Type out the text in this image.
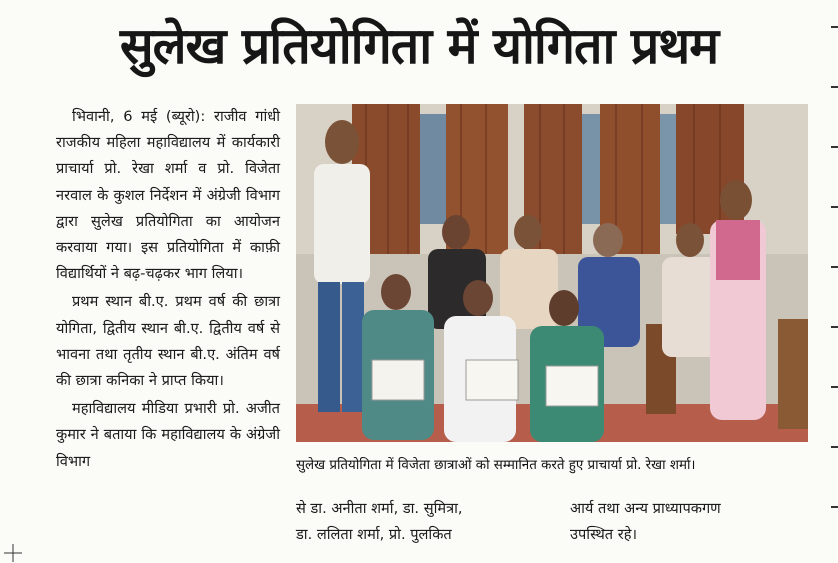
सुलेख प्रतियोगिता में योगिता प्रथम

भिवानी, 6 मई (ब्यूरो): राजीव गांधी राजकीय महिला महाविद्यालय में कार्यकारी प्राचार्या प्रो. रेखा शर्मा व प्रो. विजेता नरवाल के कुशल निर्देशन में अंग्रेजी विभाग द्वारा सुलेख प्रतियोगिता का आयोजन करवाया गया। इस प्रतियोगिता में काफ़ी विद्यार्थियों ने बढ़-चढ़कर भाग लिया।

प्रथम स्थान बी.ए. प्रथम वर्ष की छात्रा योगिता, द्वितीय स्थान बी.ए. द्वितीय वर्ष से भावना तथा तृतीय स्थान बी.ए. अंतिम वर्ष की छात्रा कनिका ने प्राप्त किया।

महाविद्यालय मीडिया प्रभारी प्रो. अजीत कुमार ने बताया कि महाविद्यालय के अंग्रेजी विभाग	सुलेख प्रतियोगिता में विजेता छात्राओं को सम्मानित करते हुए प्राचार्या प्रो. रेखा शर्मा।
से डा. अनीता शर्मा, डा. सुमित्रा,
डा. ललिता शर्मा, प्रो. पुलकित
आर्य तथा अन्य प्राध्यापकगण
उपस्थित रहे।
